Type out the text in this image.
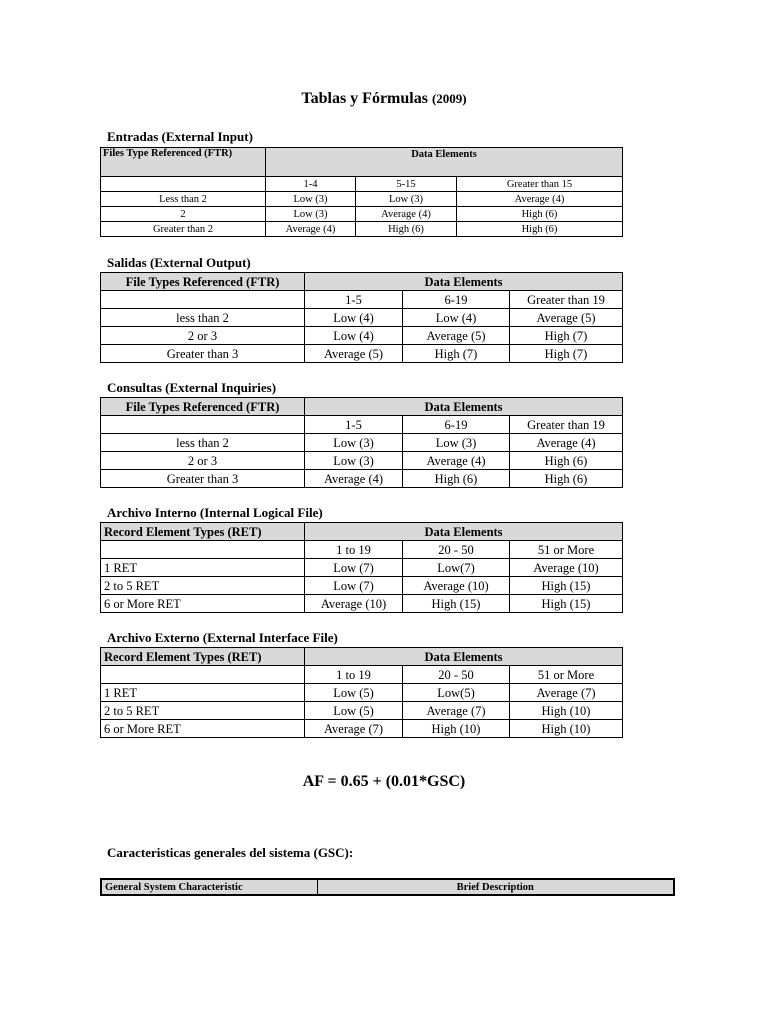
Tablas y Fórmulas (2009)
Entradas (External Input)
Files Type Referenced (FTR)	Data Elements		
	1-4	5-15	Greater than 15
Less than 2	Low (3)	Low (3)	Average (4)
2	Low (3)	Average (4)	High (6)
Greater than 2	Average (4)	High (6)	High (6)
Salidas (External Output)
File Types Referenced (FTR)	Data Elements		
	1-5	6-19	Greater than 19
less than 2	Low (4)	Low (4)	Average (5)
2 or 3	Low (4)	Average (5)	High (7)
Greater than 3	Average (5)	High (7)	High (7)
Consultas (External Inquiries)
File Types Referenced (FTR)	Data Elements		
	1-5	6-19	Greater than 19
less than 2	Low (3)	Low (3)	Average (4)
2 or 3	Low (3)	Average (4)	High (6)
Greater than 3	Average (4)	High (6)	High (6)
Archivo Interno (Internal Logical File)
Record Element Types (RET)	Data Elements		
	1 to 19	20 - 50	51 or More
1 RET	Low (7)	Low(7)	Average (10)
2 to 5 RET	Low (7)	Average (10)	High (15)
6 or More RET	Average (10)	High (15)	High (15)
Archivo Externo (External Interface File)
Record Element Types (RET)	Data Elements		
	1 to 19	20 - 50	51 or More
1 RET	Low (5)	Low(5)	Average (7)
2 to 5 RET	Low (5)	Average (7)	High (10)
6 or More RET	Average (7)	High (10)	High (10)
AF = 0.65 + (0.01*GSC)
Caracteristicas generales del sistema (GSC):
General System Characteristic	Brief Description
